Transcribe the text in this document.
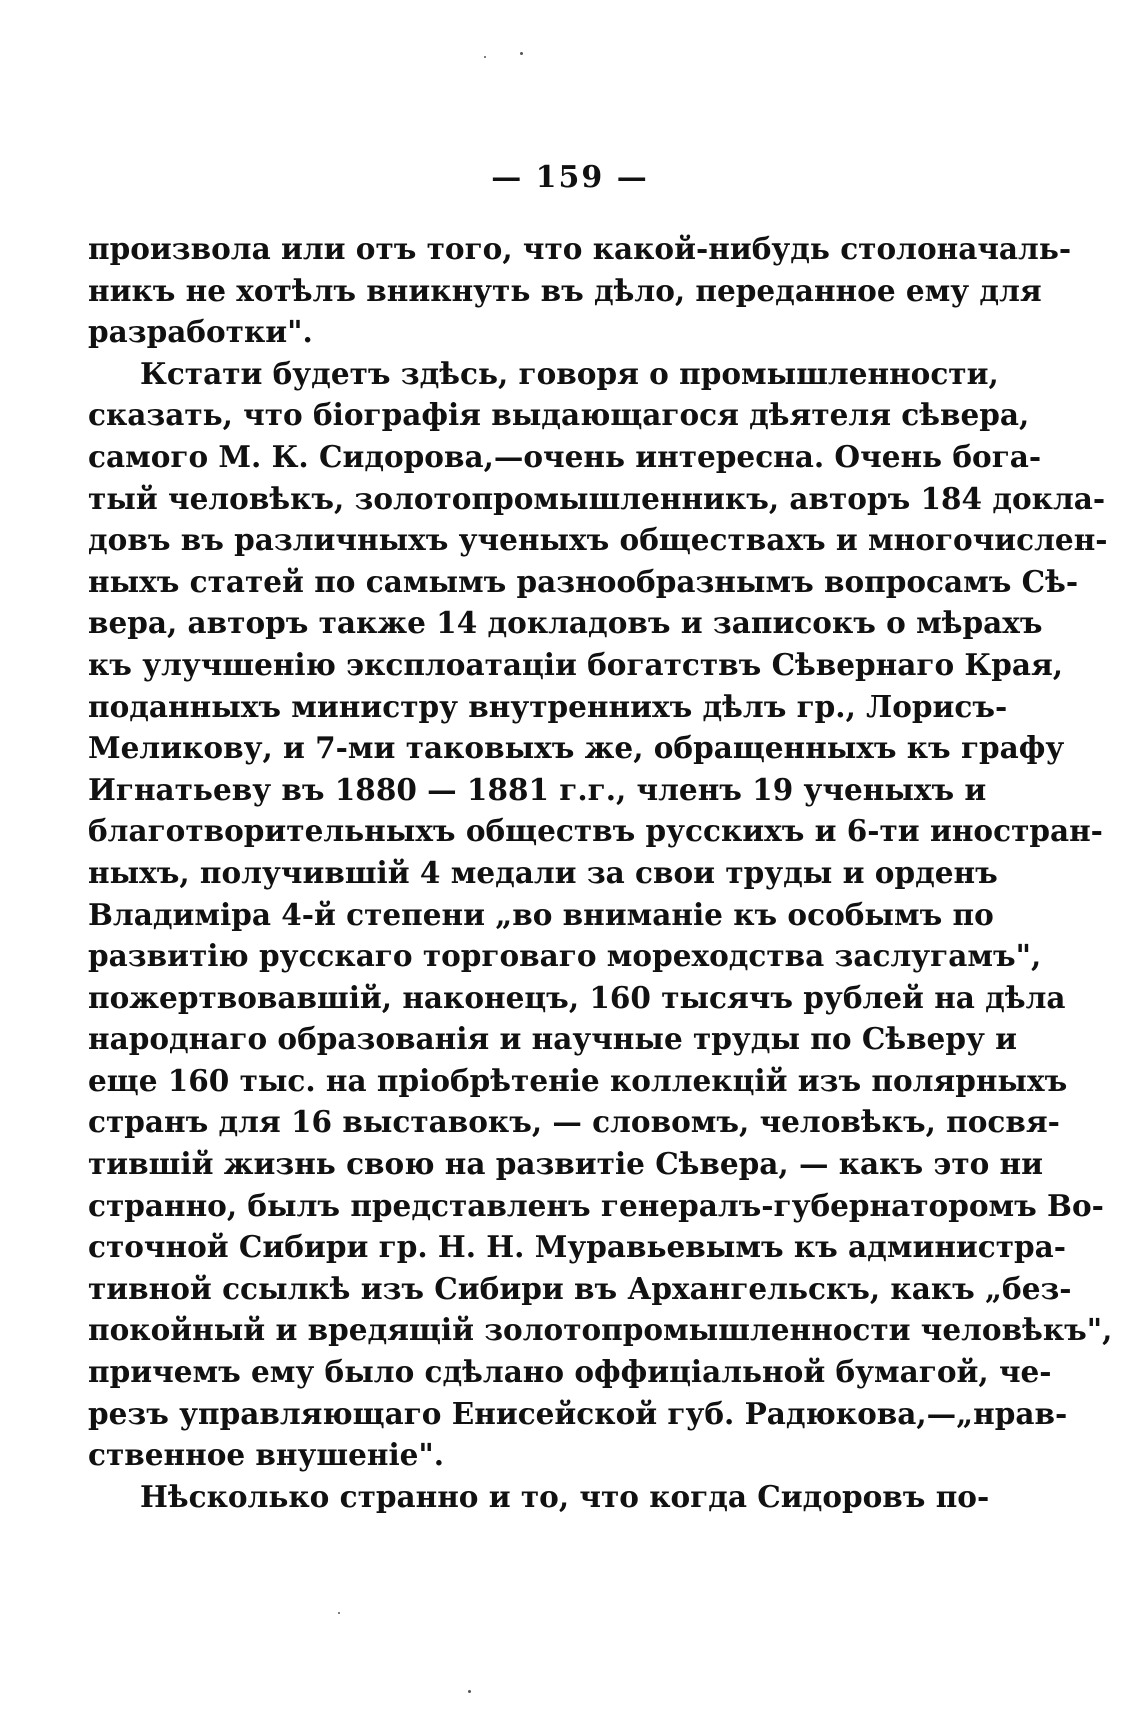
— 159 —
произвола или отъ того, что какой-нибудь столоначаль-
никъ не хотѣлъ вникнуть въ дѣло, переданное ему для
разработки".
Кстати будетъ здѣсь, говоря о промышленности,
сказать, что біографія выдающагося дѣятеля сѣвера,
самого М. К. Сидорова,—очень интересна. Очень бога-
тый человѣкъ, золотопромышленникъ, авторъ 184 докла-
довъ въ различныхъ ученыхъ обществахъ и многочислен-
ныхъ статей по самымъ разнообразнымъ вопросамъ Сѣ-
вера, авторъ также 14 докладовъ и записокъ о мѣрахъ
къ улучшенію эксплоатаціи богатствъ Сѣвернаго Края,
поданныхъ министру внутреннихъ дѣлъ гр., Лорисъ-
Меликову, и 7-ми таковыхъ же, обращенныхъ къ графу
Игнатьеву въ 1880 — 1881 г.г., членъ 19 ученыхъ и
благотворительныхъ обществъ русскихъ и 6-ти иностран-
ныхъ, получившій 4 медали за свои труды и орденъ
Владиміра 4-й степени „во вниманіе къ особымъ по
развитію русскаго торговаго мореходства заслугамъ",
пожертвовавшій, наконецъ, 160 тысячъ рублей на дѣла
народнаго образованія и научные труды по Сѣверу и
еще 160 тыс. на пріобрѣтеніе коллекцій изъ полярныхъ
странъ для 16 выставокъ, — словомъ, человѣкъ, посвя-
тившій жизнь свою на развитіе Сѣвера, — какъ это ни
странно, былъ представленъ генералъ-губернаторомъ Во-
сточной Сибири гр. Н. Н. Муравьевымъ къ администра-
тивной ссылкѣ изъ Сибири въ Архангельскъ, какъ „без-
покойный и вредящій золотопромышленности человѣкъ",
причемъ ему было сдѣлано оффиціальной бумагой, че-
резъ управляющаго Енисейской губ. Радюкова,—„нрав-
ственное внушеніе".
Нѣсколько странно и то, что когда Сидоровъ по-
